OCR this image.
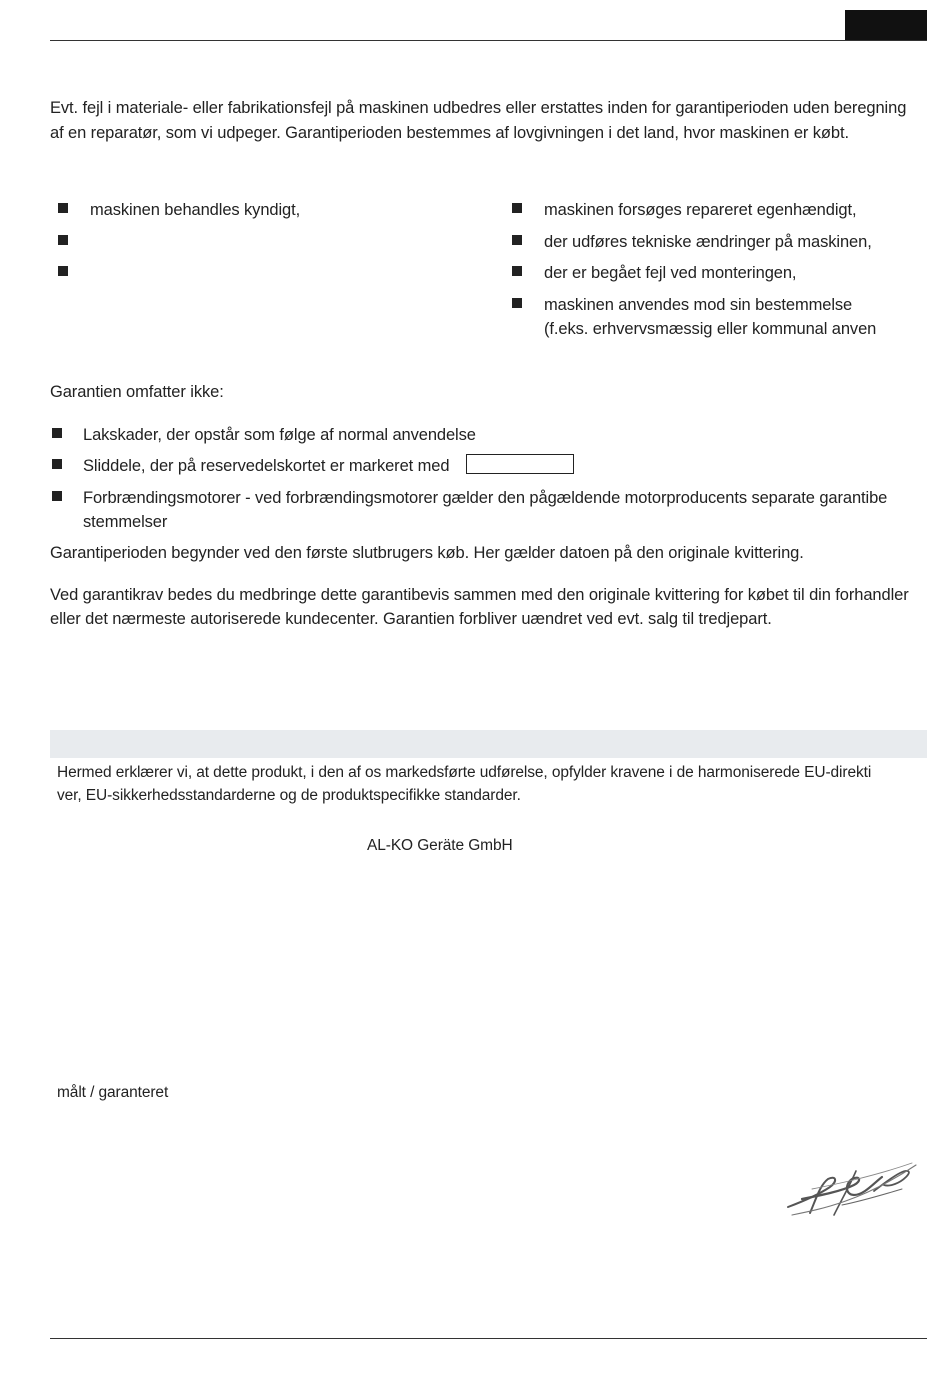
Evt. fejl i materiale- eller fabrikationsfejl på maskinen udbedres eller erstattes inden for garantiperioden uden beregning
af en reparatør, som vi udpeger. Garantiperioden bestemmes af lovgivningen i det land, hvor maskinen er købt.
maskinen behandles kyndigt,	maskinen forsøges repareret egenhændigt,
der udføres tekniske ændringer på maskinen,
der er begået fejl ved monteringen,
maskinen anvendes mod sin bestemmelse
(f.eks. erhvervsmæssig eller kommunal anven
Garantien omfatter ikke:
Lakskader, der opstår som følge af normal anvendelse
Sliddele, der på reservedelskortet er markeret med
Forbrændingsmotorer - ved forbrændingsmotorer gælder den pågældende motorproducents separate garantibe
stemmelser
Garantiperioden begynder ved den første slutbrugers køb. Her gælder datoen på den originale kvittering.
Ved garantikrav bedes du medbringe dette garantibevis sammen med den originale kvittering for købet til din forhandler
eller det nærmeste autoriserede kundecenter. Garantien forbliver uændret ved evt. salg til tredjepart.
Hermed erklærer vi, at dette produkt, i den af os markedsførte udførelse, opfylder kravene i de harmoniserede EU-direkti
ver, EU-sikkerhedsstandarderne og de produktspecifikke standarder.
AL-KO Geräte GmbH
målt / garanteret
